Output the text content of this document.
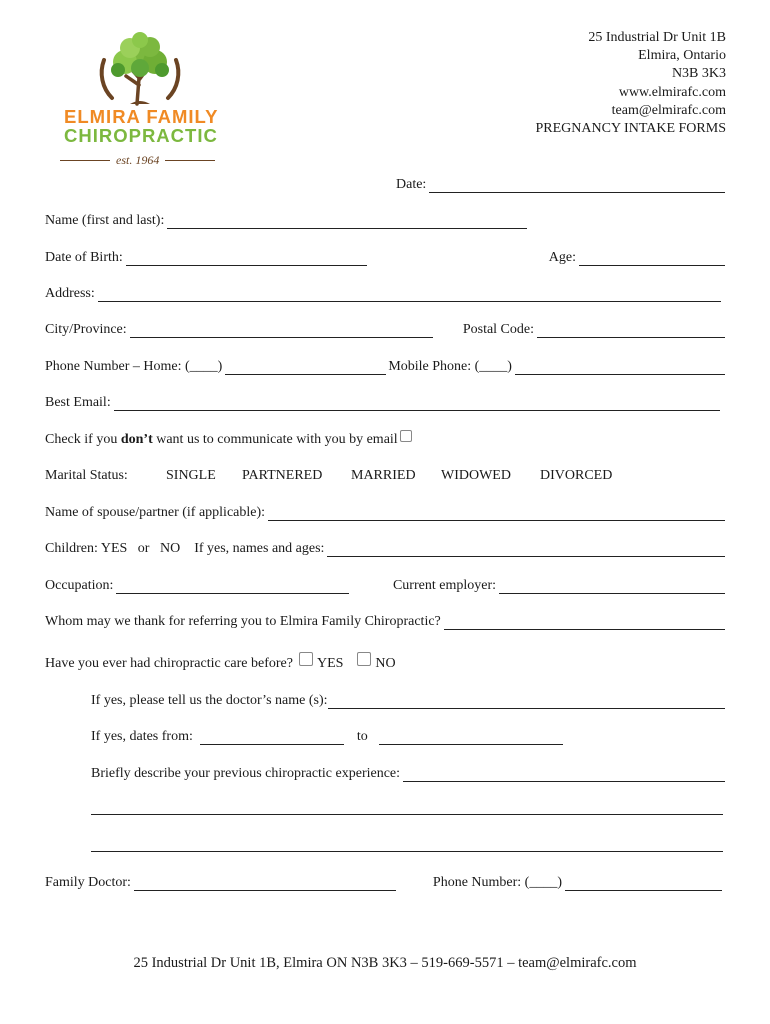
ELMIRA FAMILY
CHIROPRACTIC
est. 1964
25 Industrial Dr Unit 1B
Elmira, Ontario
N3B 3K3
www.elmirafc.com
team@elmirafc.com
PREGNANCY INTAKE FORMS
Date:
Name (first and last):
Date of Birth:	Age:
Address:
City/Province:	Postal Code:
Phone Number – Home: (____)	Mobile Phone: (____)
Best Email:
Check if you don’t want us to communicate with you by email
Marital Status:	SINGLE	PARTNERED	MARRIED	WIDOWED	DIVORCED
Name of spouse/partner (if applicable):
Children: YES   or   NO    If yes, names and ages:
Occupation:	Current employer:
Whom may we thank for referring you to Elmira Family Chiropractic?
Have you ever had chiropractic care before? YES NO
If yes, please tell us the doctor’s name (s):
If yes, dates from:	to
Briefly describe your previous chiropractic experience:
Family Doctor:	Phone Number: (____)
25 Industrial Dr Unit 1B, Elmira ON N3B 3K3 – 519-669-5571 – team@elmirafc.com
